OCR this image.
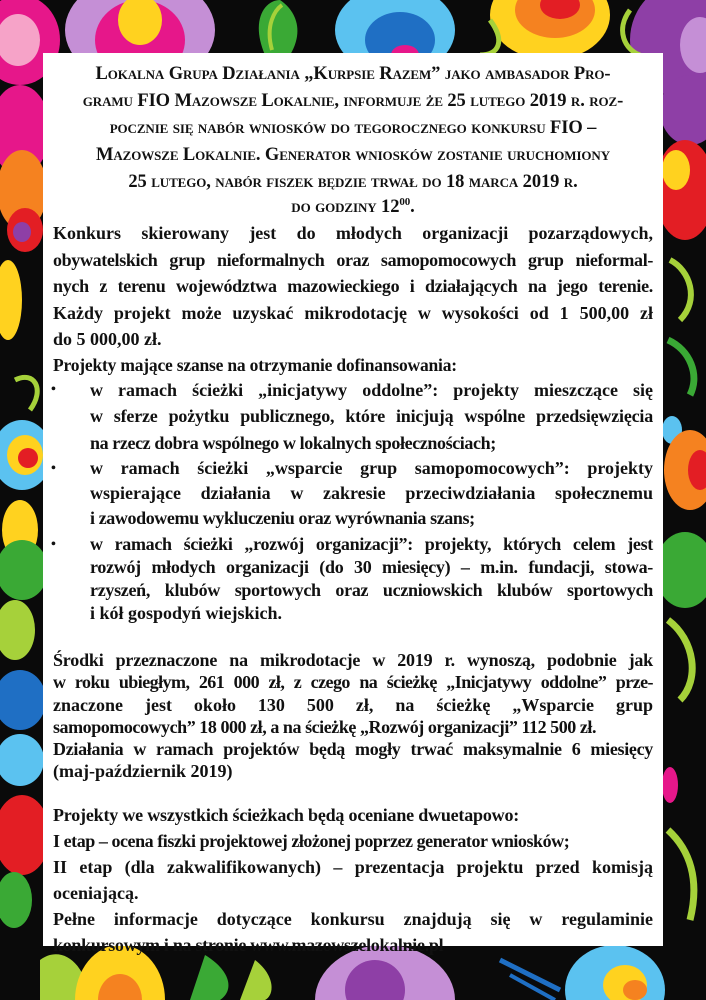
Lokalna Grupa Działania „Kurpsie Razem” jako ambasador Pro-
gramu FIO Mazowsze Lokalnie, informuje że 25 lutego 2019 r. roz-
pocznie się nabór wniosków do tegorocznego konkursu FIO –
Mazowsze Lokalnie. Generator wniosków zostanie uruchomiony
25 lutego, nabór fiszek będzie trwał do 18 marca 2019 r.
do godziny $12^{00}$.
Konkurs skierowany jest do młodych organizacji pozarządowych,
obywatelskich grup nieformalnych oraz samopomocowych grup nieformal-
nych z terenu województwa mazowieckiego i działających na jego terenie.
Każdy projekt może uzyskać mikrodotację w wysokości od 1 500,00 zł
do 5 000,00 zł.
Projekty mające szanse na otrzymanie dofinansowania:
• w ramach ścieżki „inicjatywy oddolne”: projekty mieszczące się
w sferze pożytku publicznego, które inicjują wspólne przedsięwzięcia
na rzecz dobra wspólnego w lokalnych społecznościach;
• w ramach ścieżki „wsparcie grup samopomocowych”: projekty
wspierające działania w zakresie przeciwdziałania społecznemu
i zawodowemu wykluczeniu oraz wyrównania szans;
• w ramach ścieżki „rozwój organizacji”: projekty, których celem jest
rozwój młodych organizacji (do 30 miesięcy) – m.in. fundacji, stowa-
rzyszeń, klubów sportowych oraz uczniowskich klubów sportowych
i kół gospodyń wiejskich.
Środki przeznaczone na mikrodotacje w 2019 r. wynoszą, podobnie jak
w roku ubiegłym, 261 000 zł, z czego na ścieżkę „Inicjatywy oddolne” prze-
znaczone jest około 130 500 zł, na ścieżkę „Wsparcie grup
samopomocowych” 18 000 zł, a na ścieżkę „Rozwój organizacji” 112 500 zł.
Działania w ramach projektów będą mogły trwać maksymalnie 6 miesięcy
(maj-październik 2019)
Projekty we wszystkich ścieżkach będą oceniane dwuetapowo:
I etap – ocena fiszki projektowej złożonej poprzez generator wniosków;
II etap (dla zakwalifikowanych) – prezentacja projektu przed komisją
oceniającą.
Pełne informacje dotyczące konkursu znajdują się w regulaminie
konkursowym i na stronie www.mazowszelokalnie.pl
